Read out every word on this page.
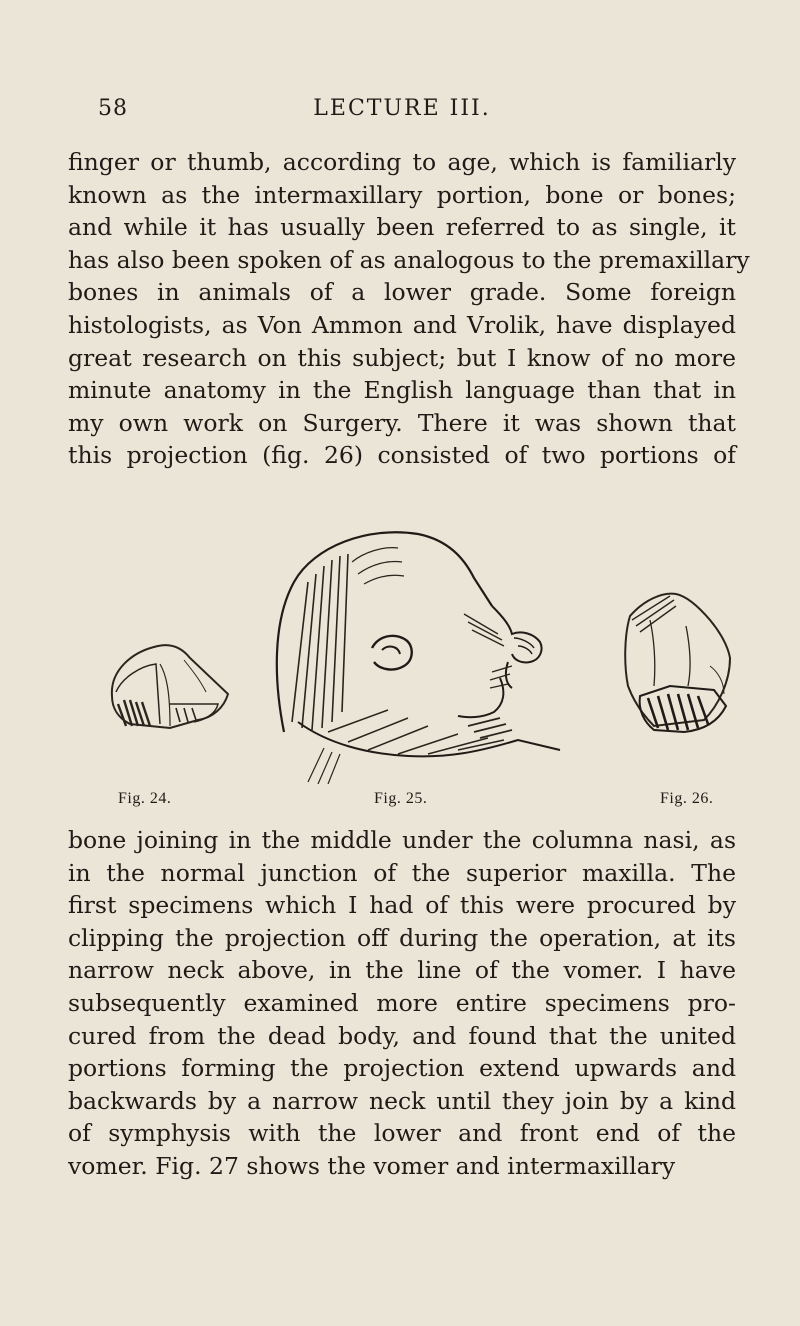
58	LECTURE III.
finger or thumb, according to age, which is familiarly
known as the intermaxillary portion, bone or bones;
and while it has usually been referred to as single, it
has also been spoken of as analogous to the premaxillary
bones in animals of a lower grade. Some foreign
histologists, as Von Ammon and Vrolik, have displayed
great research on this subject; but I know of no more
minute anatomy in the English language than that in
my own work on Surgery. There it was shown that
this projection (fig. 26) consisted of two portions of
Fig. 24.	Fig. 25.	Fig. 26.
bone joining in the middle under the columna nasi, as
in the normal junction of the superior maxilla. The
first specimens which I had of this were procured by
clipping the projection off during the operation, at its
narrow neck above, in the line of the vomer. I have
subsequently examined more entire specimens pro-
cured from the dead body, and found that the united
portions forming the projection extend upwards and
backwards by a narrow neck until they join by a kind
of symphysis with the lower and front end of the
vomer. Fig. 27 shows the vomer and intermaxillary
